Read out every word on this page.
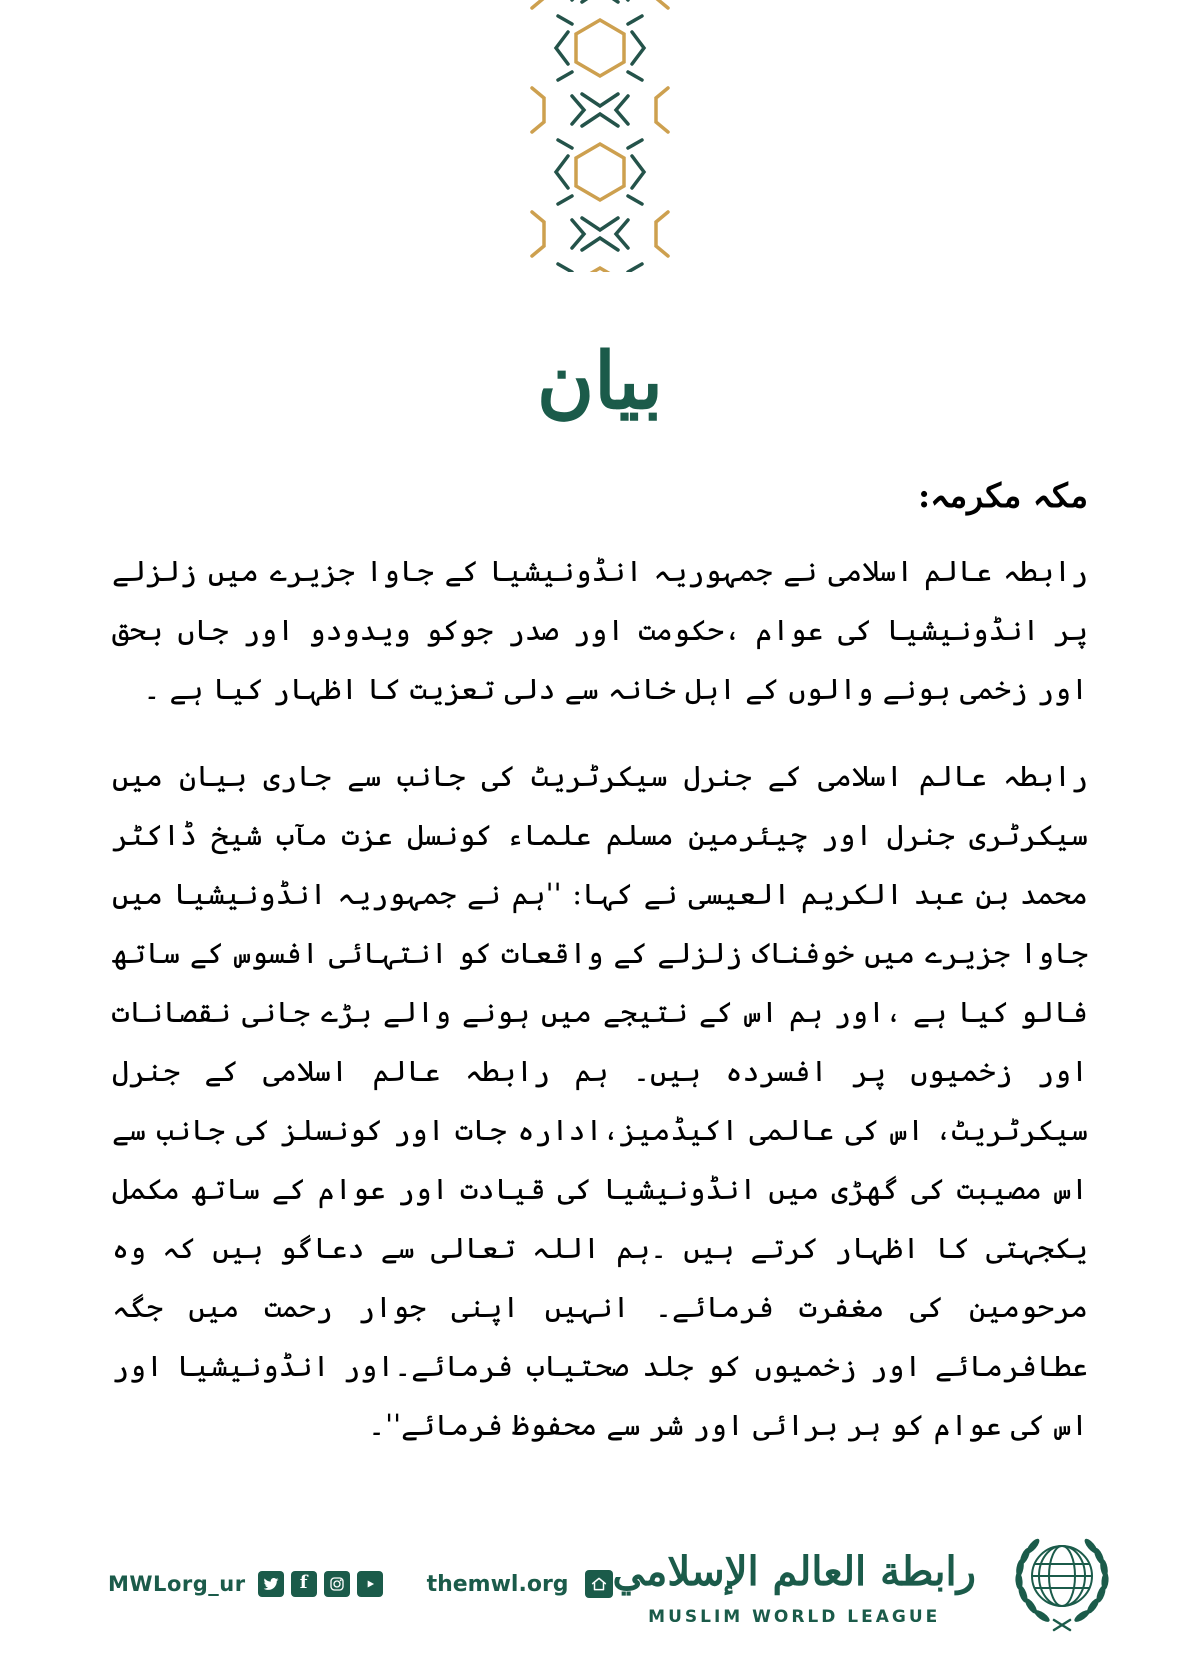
بیان

مکہ مکرمہ:

رابطہ عالم اسلامی نے جمہوریہ انڈونیشیا کے جاوا جزیرے میں زلزلے پر انڈونیشیا کی عوام ،حکومت اور صدر جوکو ویدودو اور جاں بحق اور زخمی ہونے والوں کے اہل خانہ سے دلی تعزیت کا اظہار کیا ہے ۔

رابطہ عالم اسلامی کے جنرل سیکرٹریٹ کی جانب سے جاری بیان میں سیکرٹری جنرل اور چیئرمین مسلم علماء کونسل عزت مآب شیخ ڈاکٹر محمد بن عبد الکریم العیسی نے کہا: ''ہم نے جمہوریہ انڈونیشیا میں جاوا جزیرے میں خوفناک زلزلے کے واقعات کو انتہائی افسوس کے ساتھ فالو کیا ہے ،اور ہم اس کے نتیجے میں ہونے والے بڑے جانی نقصانات اور زخمیوں پر افسردہ ہیں۔ ہم رابطہ عالم اسلامی کے جنرل سیکرٹریٹ، اس کی عالمی اکیڈمیز،ادارہ جات اور کونسلز کی جانب سے اس مصیبت کی گھڑی میں انڈونیشیا کی قیادت اور عوام کے ساتھ مکمل یکجہتی کا اظہار کرتے ہیں ۔ہم اللہ تعالی سے دعاگو ہیں کہ وہ مرحومین کی مغفرت فرمائے۔ انہیں اپنی جوار رحمت میں جگہ عطافرمائے اور زخمیوں کو جلد صحتیاب فرمائے۔اور انڈونیشیا اور اس کی عوام کو ہر برائی اور شر سے محفوظ فرمائے''۔

MWLorg_ur	f	themwl.org رابطة العالم الإسلامي
MUSLIM WORLD LEAGUE
